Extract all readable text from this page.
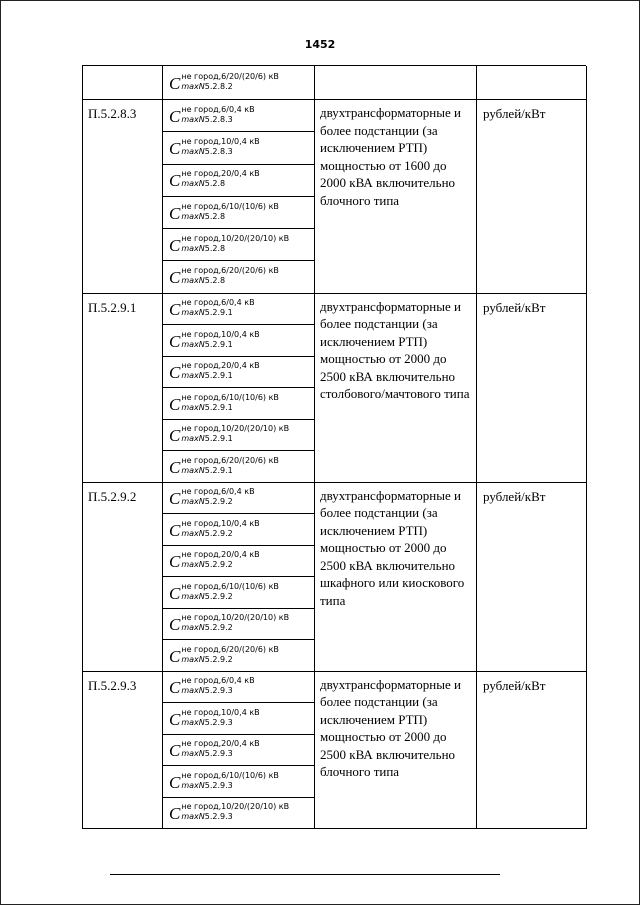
1452
C не город,6/20/(20/6) кВ
maxN5.2.8.2
П.5.2.8.3	C не город,6/0,4 кВ
maxN5.2.8.3
C не город,10/0,4 кВ
maxN5.2.8.3
C не город,20/0,4 кВ
maxN5.2.8
C не город,6/10/(10/6) кВ
maxN5.2.8
C не город,10/20/(20/10) кВ
maxN5.2.8
C не город,6/20/(20/6) кВ
maxN5.2.8
двухтрансформаторные и более подстанции (за исключением РТП) мощностью от 1600 до 2000 кВА включительно блочного типа
рублей/кВт
П.5.2.9.1	C не город,6/0,4 кВ
maxN5.2.9.1
C не город,10/0,4 кВ
maxN5.2.9.1
C не город,20/0,4 кВ
maxN5.2.9.1
C не город,6/10/(10/6) кВ
maxN5.2.9.1
C не город,10/20/(20/10) кВ
maxN5.2.9.1
C не город,6/20/(20/6) кВ
maxN5.2.9.1
двухтрансформаторные и более подстанции (за исключением РТП) мощностью от 2000 до 2500 кВА включительно столбового/мачтового типа
рублей/кВт
П.5.2.9.2	C не город,6/0,4 кВ
maxN5.2.9.2
C не город,10/0,4 кВ
maxN5.2.9.2
C не город,20/0,4 кВ
maxN5.2.9.2
C не город,6/10/(10/6) кВ
maxN5.2.9.2
C не город,10/20/(20/10) кВ
maxN5.2.9.2
C не город,6/20/(20/6) кВ
maxN5.2.9.2
двухтрансформаторные и более подстанции (за исключением РТП) мощностью от 2000 до 2500 кВА включительно шкафного или киоскового типа
рублей/кВт
П.5.2.9.3	C не город,6/0,4 кВ
maxN5.2.9.3
C не город,10/0,4 кВ
maxN5.2.9.3
C не город,20/0,4 кВ
maxN5.2.9.3
C не город,6/10/(10/6) кВ
maxN5.2.9.3
C не город,10/20/(20/10) кВ
maxN5.2.9.3
двухтрансформаторные и более подстанции (за исключением РТП) мощностью от 2000 до 2500 кВА включительно блочного типа
рублей/кВт
